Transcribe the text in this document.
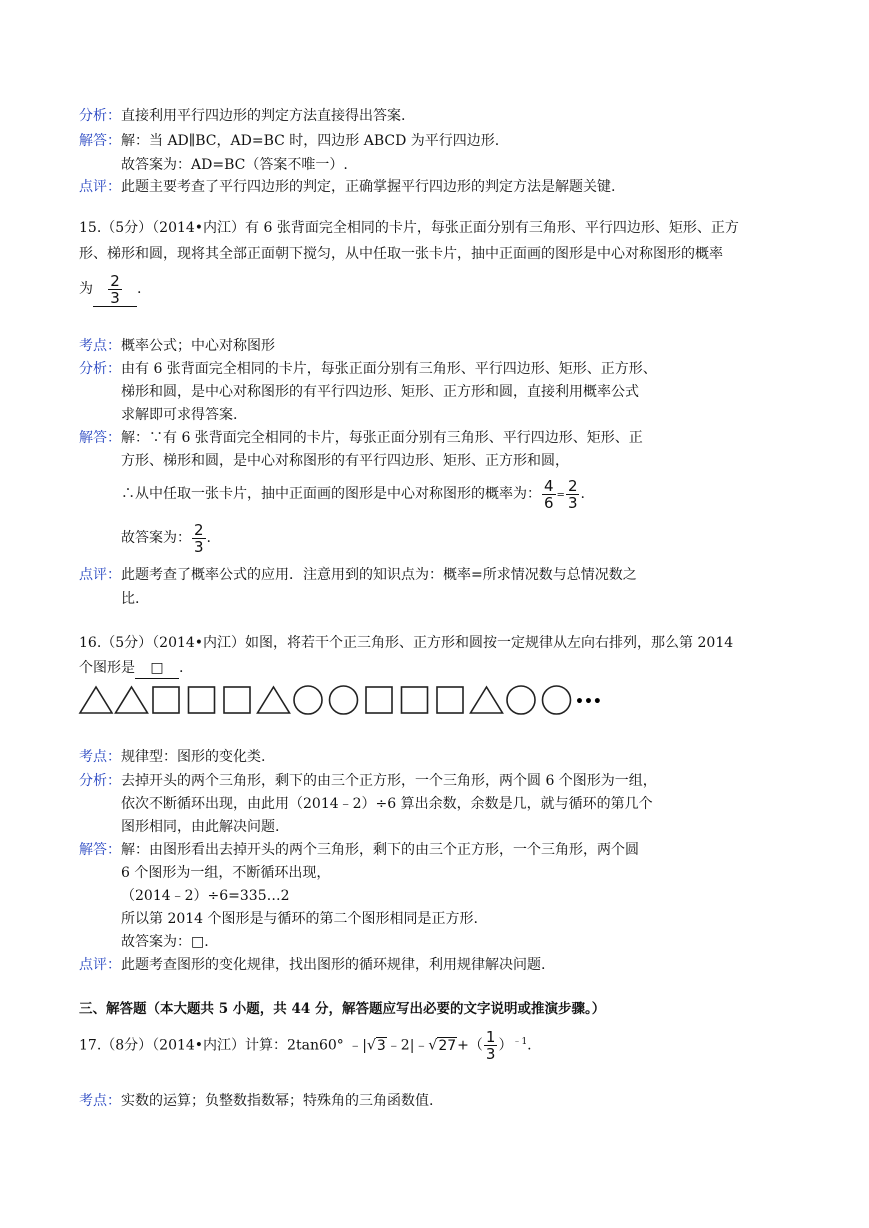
分析：直接利用平行四边形的判定方法直接得出答案.
解答：解：当 AD∥BC，AD=BC 时，四边形 ABCD 为平行四边形.
故答案为：AD=BC（答案不唯一）.
点评：此题主要考查了平行四边形的判定，正确掌握平行四边形的判定方法是解题关键.
15.（5分）（2014•内江）有 6 张背面完全相同的卡片，每张正面分别有三角形、平行四边形、矩形、正方
形、梯形和圆，现将其全部正面朝下搅匀，从中任取一张卡片，抽中正面画的图形是中心对称图形的概率
为 $\frac{2}{3}$ .
考点：概率公式；中心对称图形
分析：由有 6 张背面完全相同的卡片，每张正面分别有三角形、平行四边形、矩形、正方形、
梯形和圆，是中心对称图形的有平行四边形、矩形、正方形和圆，直接利用概率公式
求解即可求得答案.
解答：解：∵有 6 张背面完全相同的卡片，每张正面分别有三角形、平行四边形、矩形、正
方形、梯形和圆，是中心对称图形的有平行四边形、矩形、正方形和圆，
∴从中任取一张卡片，抽中正面画的图形是中心对称图形的概率为： $\frac{4}{6} = \frac{2}{3}$ .
故答案为： $\frac{2}{3}$ .
点评：此题考查了概率公式的应用．注意用到的知识点为：概率=所求情况数与总情况数之
比.
16.（5分）（2014•内江）如图，将若干个正三角形、正方形和圆按一定规律从左向右排列，那么第 2014
个图形是 □ .
•••
考点：规律型：图形的变化类.
分析：去掉开头的两个三角形，剩下的由三个正方形，一个三角形，两个圆 6 个图形为一组，
依次不断循环出现，由此用（2014﹣2）÷6 算出余数，余数是几，就与循环的第几个
图形相同，由此解决问题.
解答：解：由图形看出去掉开头的两个三角形，剩下的由三个正方形，一个三角形，两个圆
6 个图形为一组，不断循环出现，
（2014﹣2）÷6=335…2
所以第 2014 个图形是与循环的第二个图形相同是正方形.
故答案为：□.
点评：此题考查图形的变化规律，找出图形的循环规律，利用规律解决问题.
三、解答题（本大题共 5 小题，共 44 分，解答题应写出必要的文字说明或推演步骤。）
17.（8分）（2014•内江）计算：2tan60° ﹣|√3﹣2|﹣√27+（ $\frac{1}{3} )^{﹣1}$.
考点：实数的运算；负整数指数幂；特殊角的三角函数值.
